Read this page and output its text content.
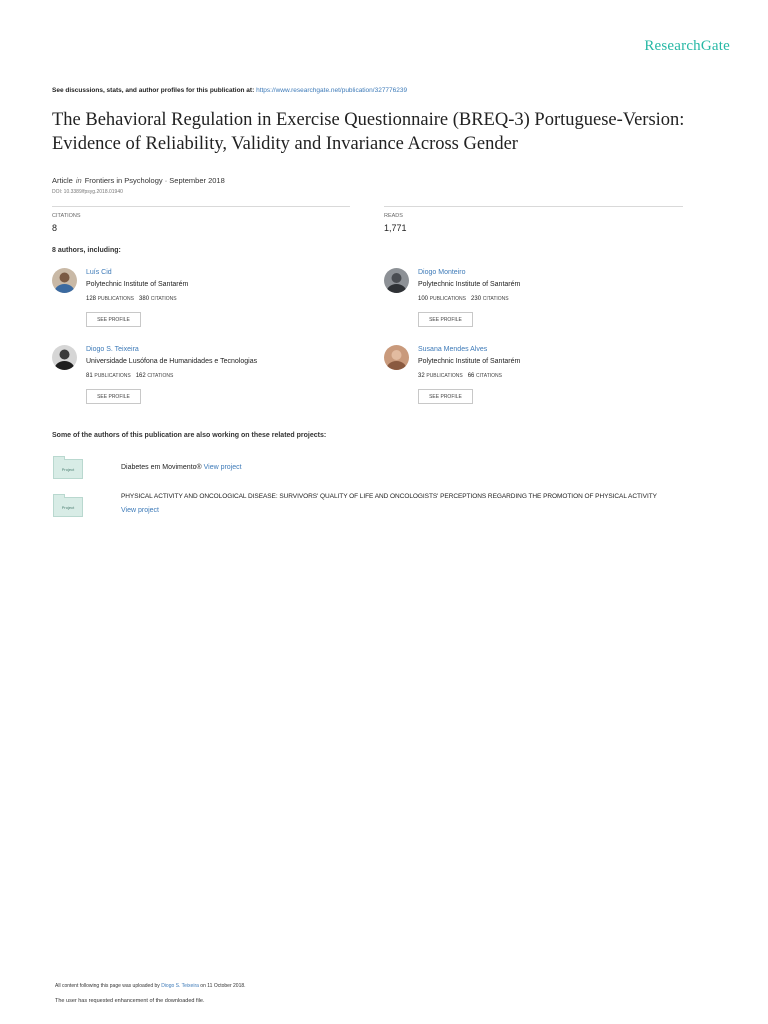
ResearchGate
See discussions, stats, and author profiles for this publication at: https://www.researchgate.net/publication/327776239
The Behavioral Regulation in Exercise Questionnaire (BREQ-3) Portuguese-Version: Evidence of Reliability, Validity and Invariance Across Gender
Article in Frontiers in Psychology · September 2018
DOI: 10.3389/fpsyg.2018.01940
CITATIONS
8
READS
1,771
8 authors, including:
Luís Cid
Polytechnic Institute of Santarém
128 PUBLICATIONS 380 CITATIONS
SEE PROFILE
Diogo Monteiro
Polytechnic Institute of Santarém
100 PUBLICATIONS 230 CITATIONS
SEE PROFILE
Diogo S. Teixeira
Universidade Lusófona de Humanidades e Tecnologias
81 PUBLICATIONS 162 CITATIONS
SEE PROFILE
Susana Mendes Alves
Polytechnic Institute of Santarém
32 PUBLICATIONS 66 CITATIONS
SEE PROFILE
Some of the authors of this publication are also working on these related projects:
Project	Diabetes em Movimento® View project
Project
PHYSICAL ACTIVITY AND ONCOLOGICAL DISEASE: SURVIVORS' QUALITY OF LIFE AND ONCOLOGISTS' PERCEPTIONS REGARDING THE PROMOTION OF PHYSICAL ACTIVITY
View project
All content following this page was uploaded by Diogo S. Teixeira on 11 October 2018.
The user has requested enhancement of the downloaded file.
